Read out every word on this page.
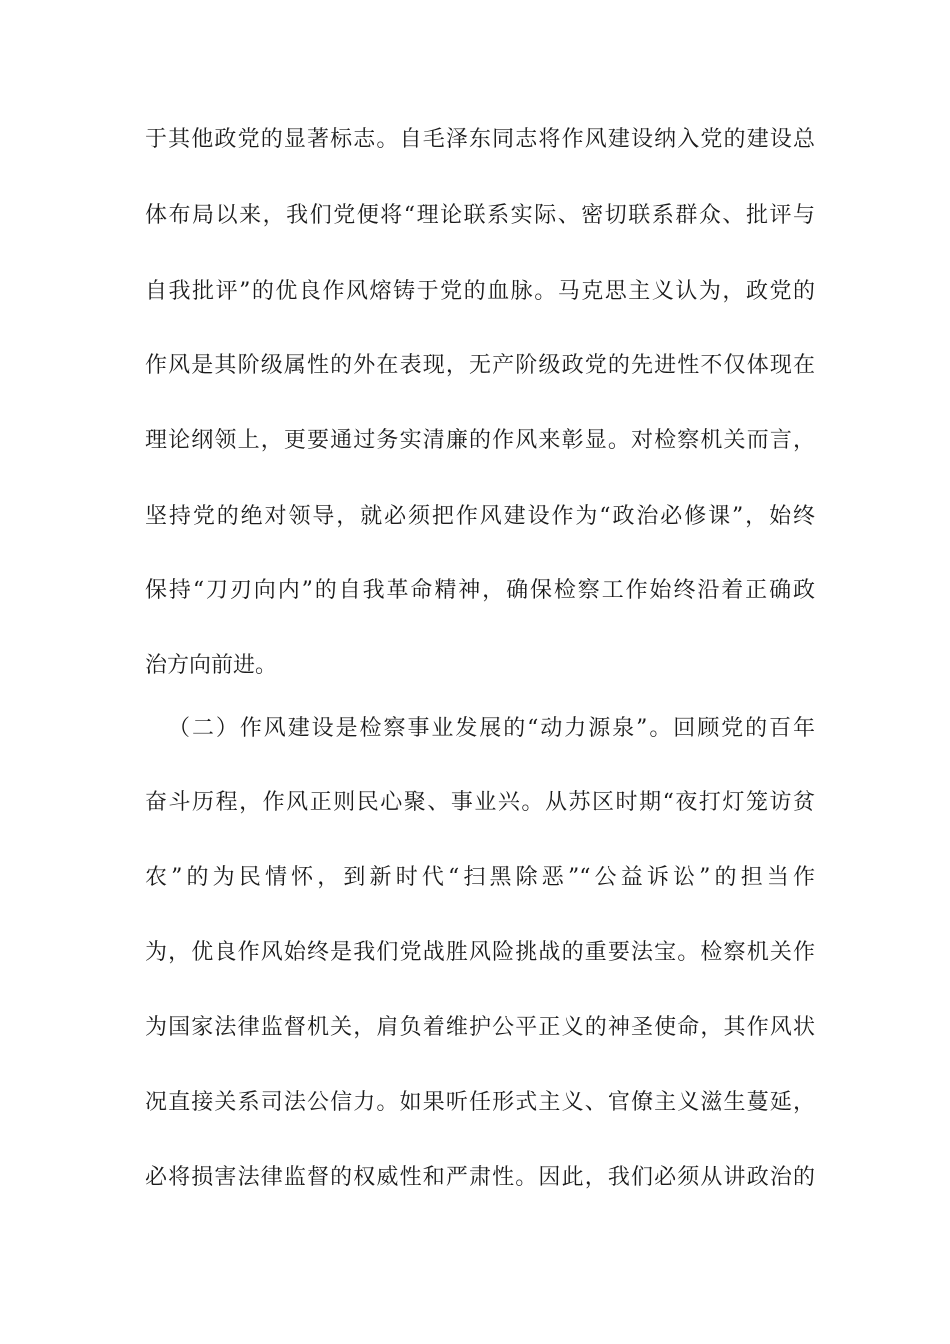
于其他政党的显著标志。自毛泽东同志将作风建设纳入党的建设总
体布局以来，我们党便将“理论联系实际、密切联系群众、批评与
自我批评”的优良作风熔铸于党的血脉。马克思主义认为，政党的
作风是其阶级属性的外在表现，无产阶级政党的先进性不仅体现在
理论纲领上，更要通过务实清廉的作风来彰显。对检察机关而言，
坚持党的绝对领导，就必须把作风建设作为“政治必修课”，始终
保持“刀刃向内”的自我革命精神，确保检察工作始终沿着正确政
治方向前进。
（二）作风建设是检察事业发展的“动力源泉”。回顾党的百年
奋斗历程，作风正则民心聚、事业兴。从苏区时期“夜打灯笼访贫
农”的为民情怀，到新时代“扫黑除恶”“公益诉讼”的担当作
为，优良作风始终是我们党战胜风险挑战的重要法宝。检察机关作
为国家法律监督机关，肩负着维护公平正义的神圣使命，其作风状
况直接关系司法公信力。如果听任形式主义、官僚主义滋生蔓延，
必将损害法律监督的权威性和严肃性。因此，我们必须从讲政治的
